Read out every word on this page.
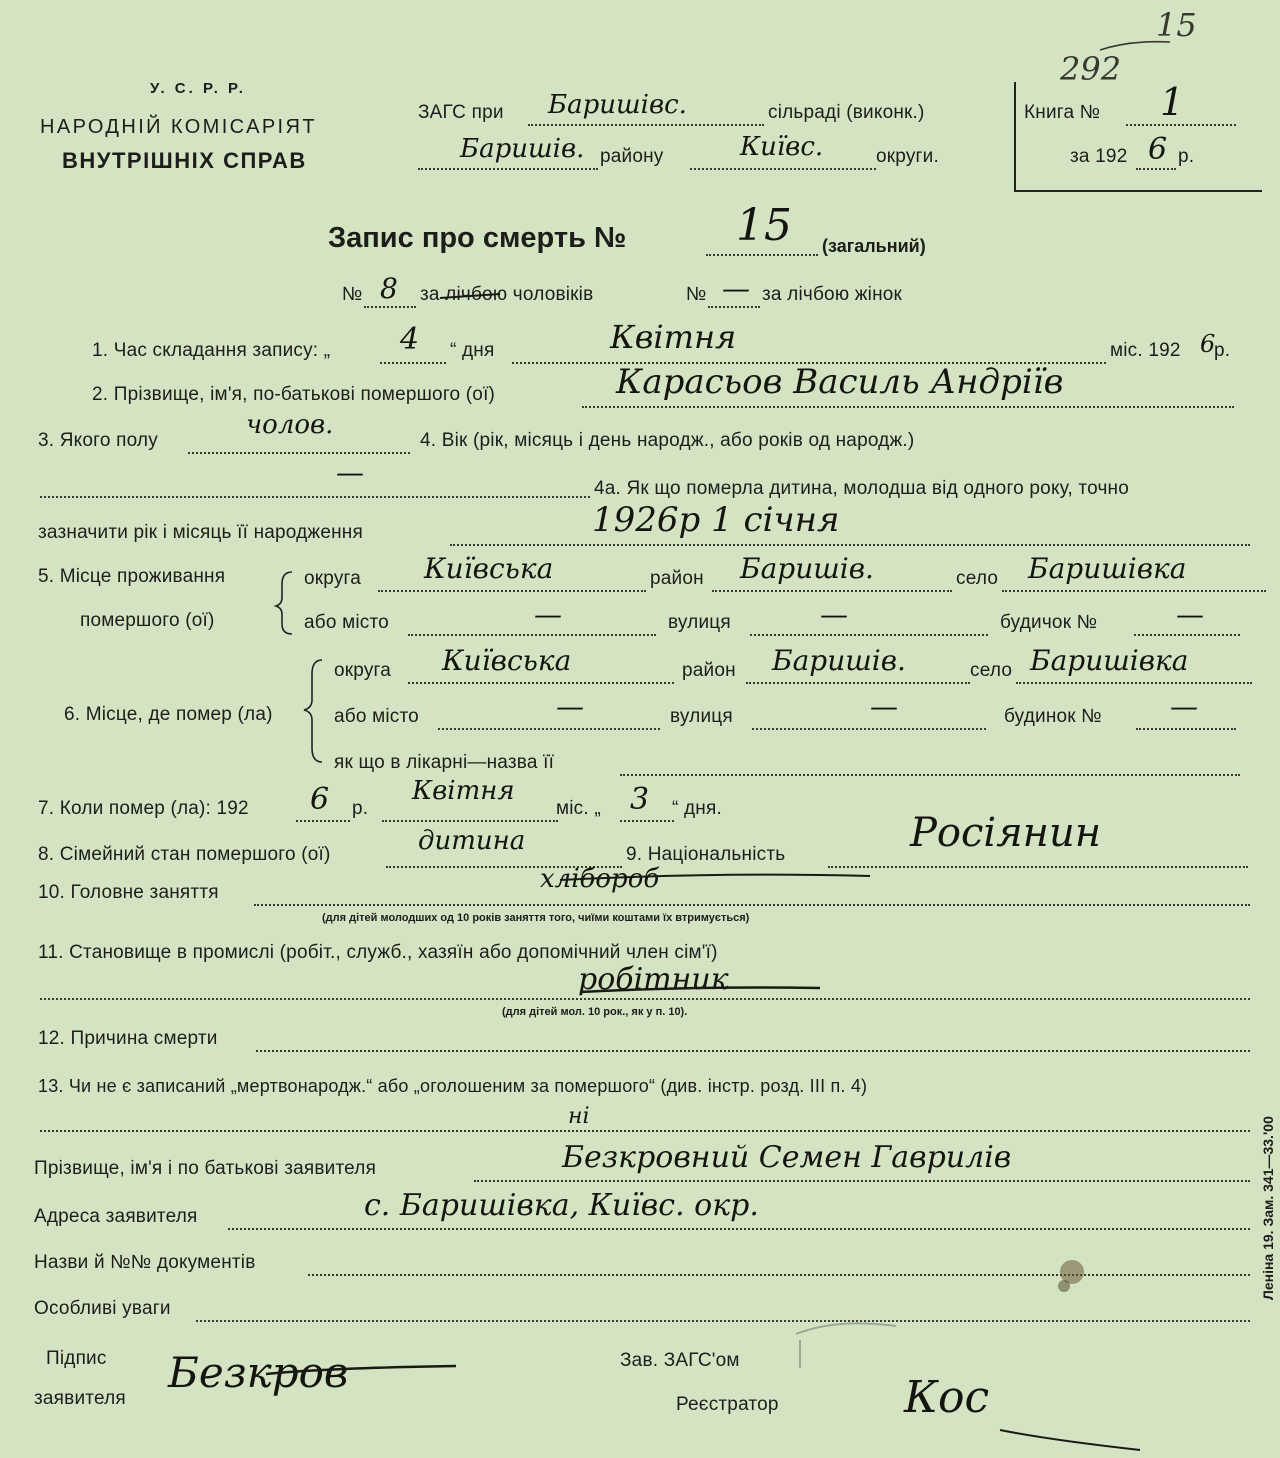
У. С. Р. Р.
НАРОДНІЙ КОМІСАРІЯТ
ВНУТРІШНІХ СПРАВ
ЗАГС при Баришівс.	сільраді (виконк.)
Баришів. району	Київс.	округи.
Книга № 1
за 192 6 р.
292
15
Запис про смерть № 15 (загальний)
№ 8 за лічбою чоловіків	№ — за лічбою жінок
1. Час складання запису: „ 4 “ дня	Квітня	міс. 192 6
р.
2. Прізвище, ім'я, по-батькові помершого (ої)	Карасьов Василь Андріїв
3. Якого полу
чолов.
4. Вік (рік, місяць і день народж., або років од народж.)
—	4а. Як що померла дитина, молодша від одного року, точно
зазначити рік і місяць її народження	1926р 1 січня
5. Місце проживання
помершого (ої)
округа Київська	район Баришів.	село Баришівка
або місто	—	вулиця	—	будичок №	—
6. Місце, де помер (ла)
округа Київська	район Баришів.	село Баришівка
або місто	—	вулиця	—	будинок № —
як що в лікарні—назва її
7. Коли помер (ла): 192 6 р.
Квітня
міс. „ 3 “ дня.
8. Сімейний стан помершого (ої)	дитина	9. Національність	Росіянин
10. Головне заняття	хлібороб
(для дітей молодших од 10 років заняття того, чиїми коштами їх втримується)
11. Становище в промислі (робіт., служб., хазяїн або допомічний член сім'ї)
робітник
(для дітей мол. 10 рок., як у п. 10).
12. Причина смерти
13. Чи не є записаний „мертвонародж.“ або „оголошеним за помершого“ (див. інстр. розд. III п. 4)
ні
Прізвище, ім'я і по батькові заявителя	Безкровний Семен Гаврилів
Адреса заявителя	с. Баришівка, Київс. окр.
Назви й №№ документів
Особливі уваги
Підпис
заявителя
Безкров	Зав. ЗАГС'ом
Реєстратор	Кос
Леніна 19. Зам. 341—33.'00
